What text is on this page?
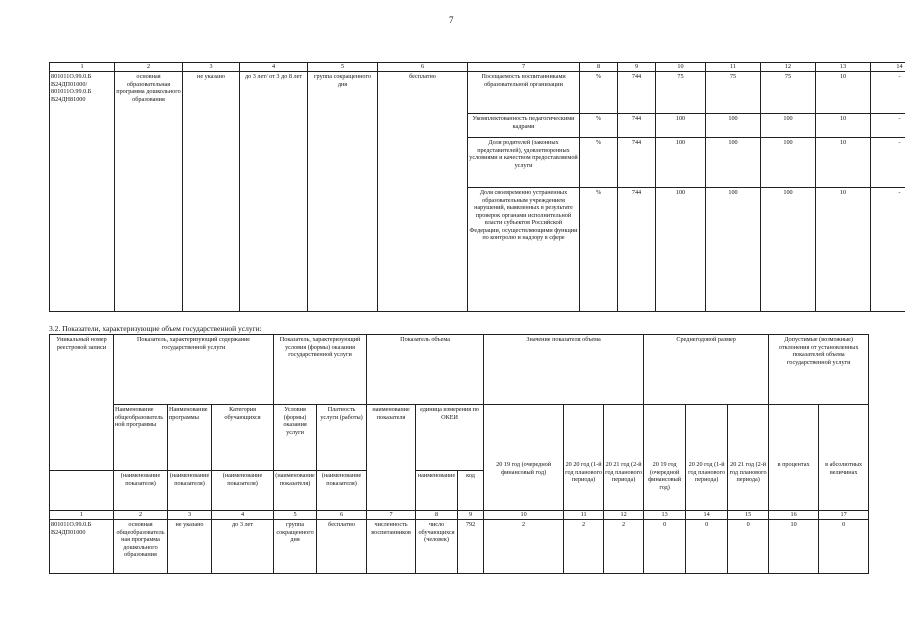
7
1	2	3	4	5	6	7	8	9	10	11	12	13	14
801011О.99.0.Б В24ДП01000/ 801011О.99.0.Б В24ДН81000	основная образовательная программа дошкольного образования	не указано	до 3 лет/ от 3 до 8 лет	группа сокращенного дня	бесплатно	Посещаемость воспитанниками образовательной организации	%	744	75	75	75	10	-
						Укомплектованность педагогическими кадрами	%	744	100	100	100	10	-
						Доля родителей (законных представителей), удовлетворенных условиями и качеством предоставляемой услуги	%	744	100	100	100	10	-
						Доля своевременно устраненных образовательным учреждением нарушений, выявленных в результате проверок органами исполнительной власти субъектов Российской Федерации, осуществляющими функции по контролю и надзору в сфере	%	744	100	100	100	10	-
3.2. Показатели, характеризующие объем государственной услуги:
Уникальный номер реестровой записи	Показатель, характеризующий содержание государственной услуги			Показатель, характеризующий условия (формы) оказания государственной услуги		Показатель объема			Значение показателя объема			Среднегодовой размер			Допустимые (возможные) отклонения от установленных показателей объема государственной услуги	
						наименование показателя	единица измерения по ОКЕИ									
	Наименование общеобразовательной программы	Наименование программы	Категория обучающихся	Условия (формы) оказания услуги	Платность услуги (работы)				20 19 год (очередной финансовый год)	20 20 год (1-й год планового периода)	20 21 год (2-й год планового периода)	20 19 год (очередной финансовый год)	20 20 год (1-й год планового периода)	20 21 год (2-й год планового периода)	в процентах	в абсолютных величинах
	(наименование показателя)	(наименование показателя)	(наименование показателя)	(наименование показателя)	(наименование показателя)		наименование	код								
1	2	3	4	5	6	7	8	9	10	11	12	13	14	15	16	17
801011О.99.0.Б В24ДП01000	основная общеобразовательная программа дошкольного образования	не указано	до 3 лет	группа сокращенного дня	бесплатно	численность воспитанников	число обучающихся (человек)	792	2	2	2	0	0	0	10	0
